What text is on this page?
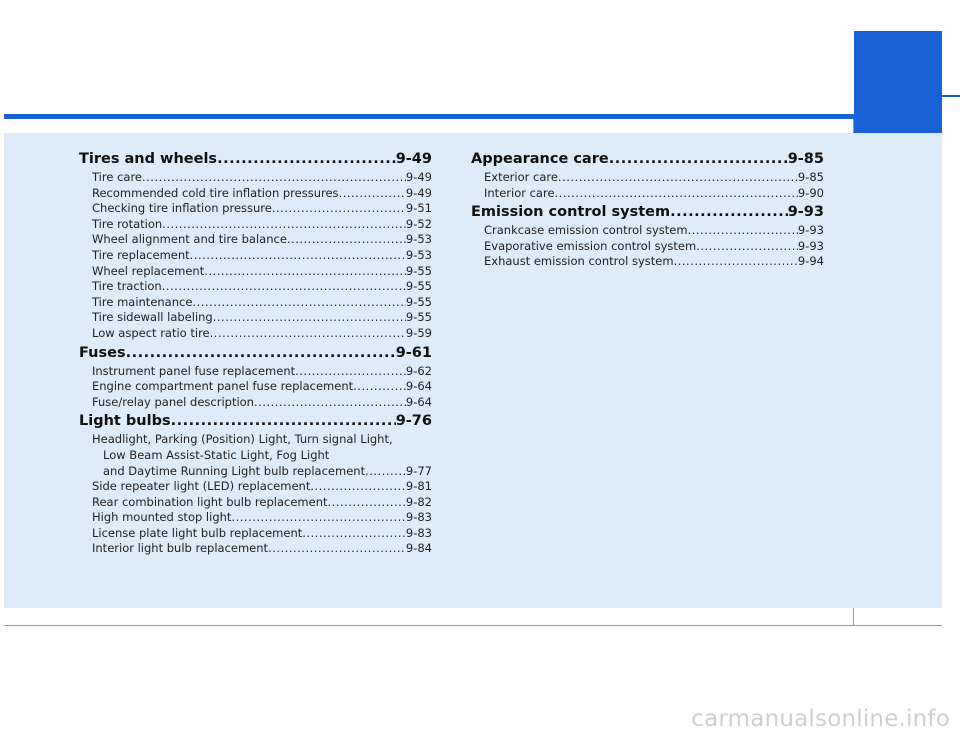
Tires and wheels .....	9-49
Tire care .....	9-49
Recommended cold tire inflation pressures .....	9-49
Checking tire inflation pressure .....	9-51
Tire rotation .....	9-52
Wheel alignment and tire balance .....	9-53
Tire replacement .....	9-53
Wheel replacement .....	9-55
Tire traction .....	9-55
Tire maintenance .....	9-55
Tire sidewall labeling .....	9-55
Low aspect ratio tire .....	9-59
Fuses .....	9-61
Instrument panel fuse replacement .....	9-62
Engine compartment panel fuse replacement .....	9-64
Fuse/relay panel description .....	9-64
Light bulbs .....	9-76
Headlight, Parking (Position) Light, Turn signal Light,
Low Beam Assist-Static Light, Fog Light
and Daytime Running Light bulb replacement .....	9-77
Side repeater light (LED) replacement .....	9-81
Rear combination light bulb replacement .....	9-82
High mounted stop light .....	9-83
License plate light bulb replacement .....	9-83
Interior light bulb replacement .....	9-84
Appearance care .....	9-85
Exterior care .....	9-85
Interior care .....	9-90
Emission control system .....	9-93
Crankcase emission control system .....	9-93
Evaporative emission control system .....	9-93
Exhaust emission control system .....	9-94
carmanualsonline.info
